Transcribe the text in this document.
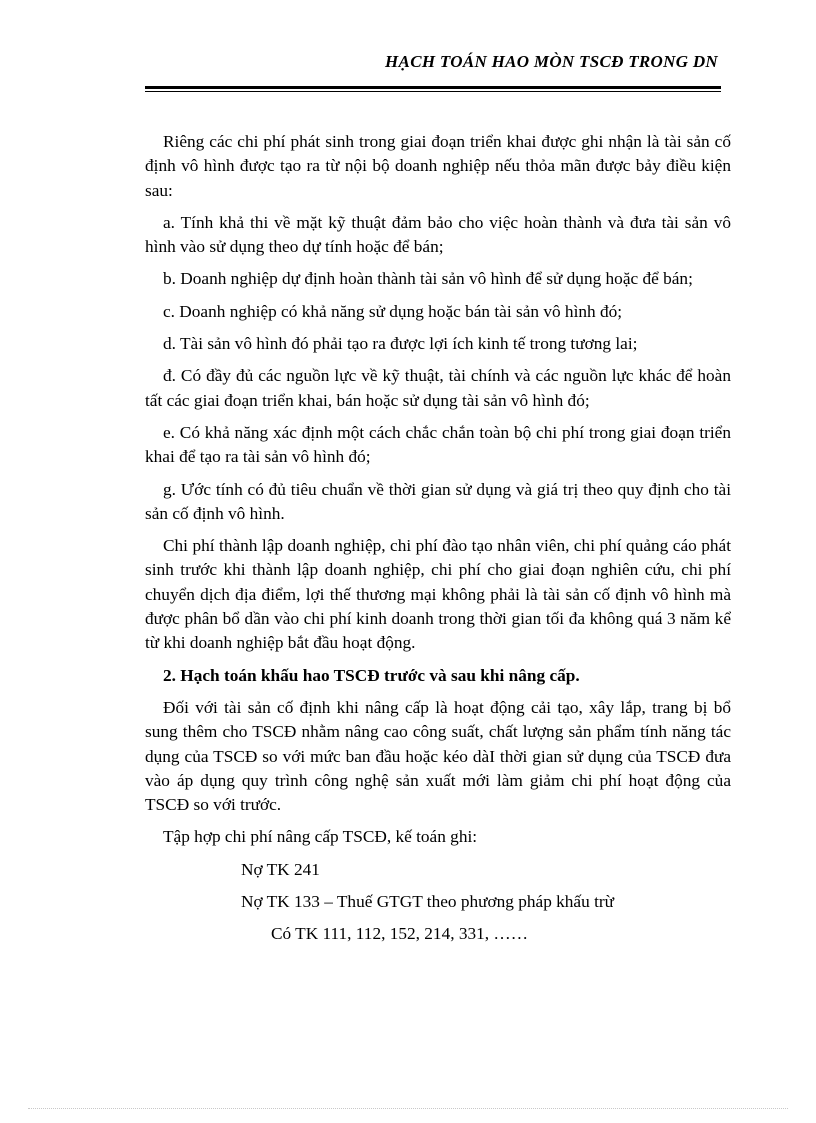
HẠCH TOÁN HAO MÒN TSCĐ TRONG DN

Riêng các chi phí phát sinh trong giai đoạn triển khai được ghi nhận là tài sản cố định vô hình được tạo ra từ nội bộ doanh nghiệp nếu thỏa mãn được bảy điều kiện sau:

a. Tính khả thi về mặt kỹ thuật đảm bảo cho việc hoàn thành và đưa tài sản vô hình vào sử dụng theo dự tính hoặc để bán;

b. Doanh nghiệp dự định hoàn thành tài sản vô hình để sử dụng hoặc để bán;

c. Doanh nghiệp có khả năng sử dụng hoặc bán tài sản vô hình đó;

d. Tài sản vô hình đó phải tạo ra được lợi ích kinh tế trong tương lai;

đ. Có đầy đủ các nguồn lực về kỹ thuật, tài chính và các nguồn lực khác để hoàn tất các giai đoạn triển khai, bán hoặc sử dụng tài sản vô hình đó;

e. Có khả năng xác định một cách chắc chắn toàn bộ chi phí trong giai đoạn triển khai để tạo ra tài sản vô hình đó;

g. Ước tính có đủ tiêu chuẩn về thời gian sử dụng và giá trị theo quy định cho tài sản cố định vô hình.

Chi phí thành lập doanh nghiệp, chi phí đào tạo nhân viên, chi phí quảng cáo phát sinh trước khi thành lập doanh nghiệp, chi phí cho giai đoạn nghiên cứu, chi phí chuyển dịch địa điểm, lợi thế thương mại không phải là tài sản cố định vô hình mà được phân bổ dần vào chi phí kinh doanh trong thời gian tối đa không quá 3 năm kể từ khi doanh nghiệp bắt đầu hoạt động.

2. Hạch toán khấu hao TSCĐ trước và sau khi nâng cấp.

Đối với tài sản cố định khi nâng cấp là hoạt động cải tạo, xây lắp, trang bị bổ sung thêm cho TSCĐ nhằm nâng cao công suất, chất lượng sản phẩm tính năng tác dụng của TSCĐ so với mức ban đầu hoặc kéo dàI thời gian sử dụng của TSCĐ đưa vào áp dụng quy trình công nghệ sản xuất mới làm giảm chi phí hoạt động của TSCĐ so với trước.

Tập hợp chi phí nâng cấp TSCĐ, kế toán ghi:

Nợ TK 241
Nợ TK 133 – Thuế GTGT theo phương pháp khấu trừ
Có TK 111, 112, 152, 214, 331, ……
